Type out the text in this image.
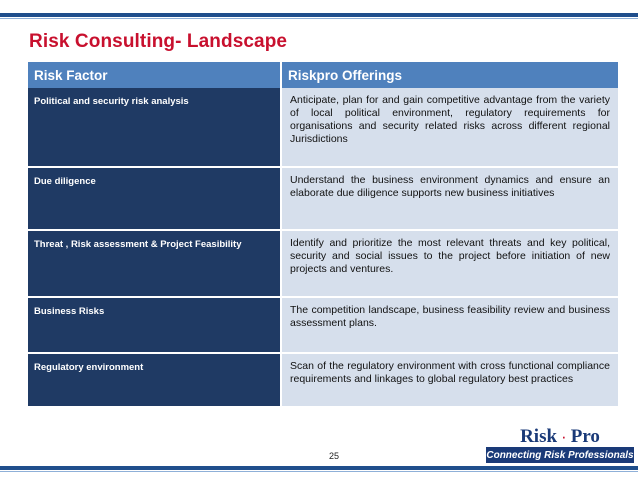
Risk Consulting- Landscape
Risk Factor	Riskpro Offerings
Political and security risk analysis	Anticipate, plan for and gain competitive advantage from the variety of local political environment, regulatory requirements for organisations and security related risks across different regional Jurisdictions
Due diligence	Understand the business environment dynamics and ensure an elaborate due diligence supports new business initiatives
Threat , Risk assessment & Project Feasibility	Identify and prioritize the most relevant threats and key political, security and social issues to the project before initiation of new projects and ventures.
Business Risks	The competition landscape, business feasibility review and business assessment plans.
Regulatory environment	Scan of the regulatory environment with cross functional compliance requirements and linkages to global regulatory best practices
25
Risk · Pro
Connecting Risk Professionals
